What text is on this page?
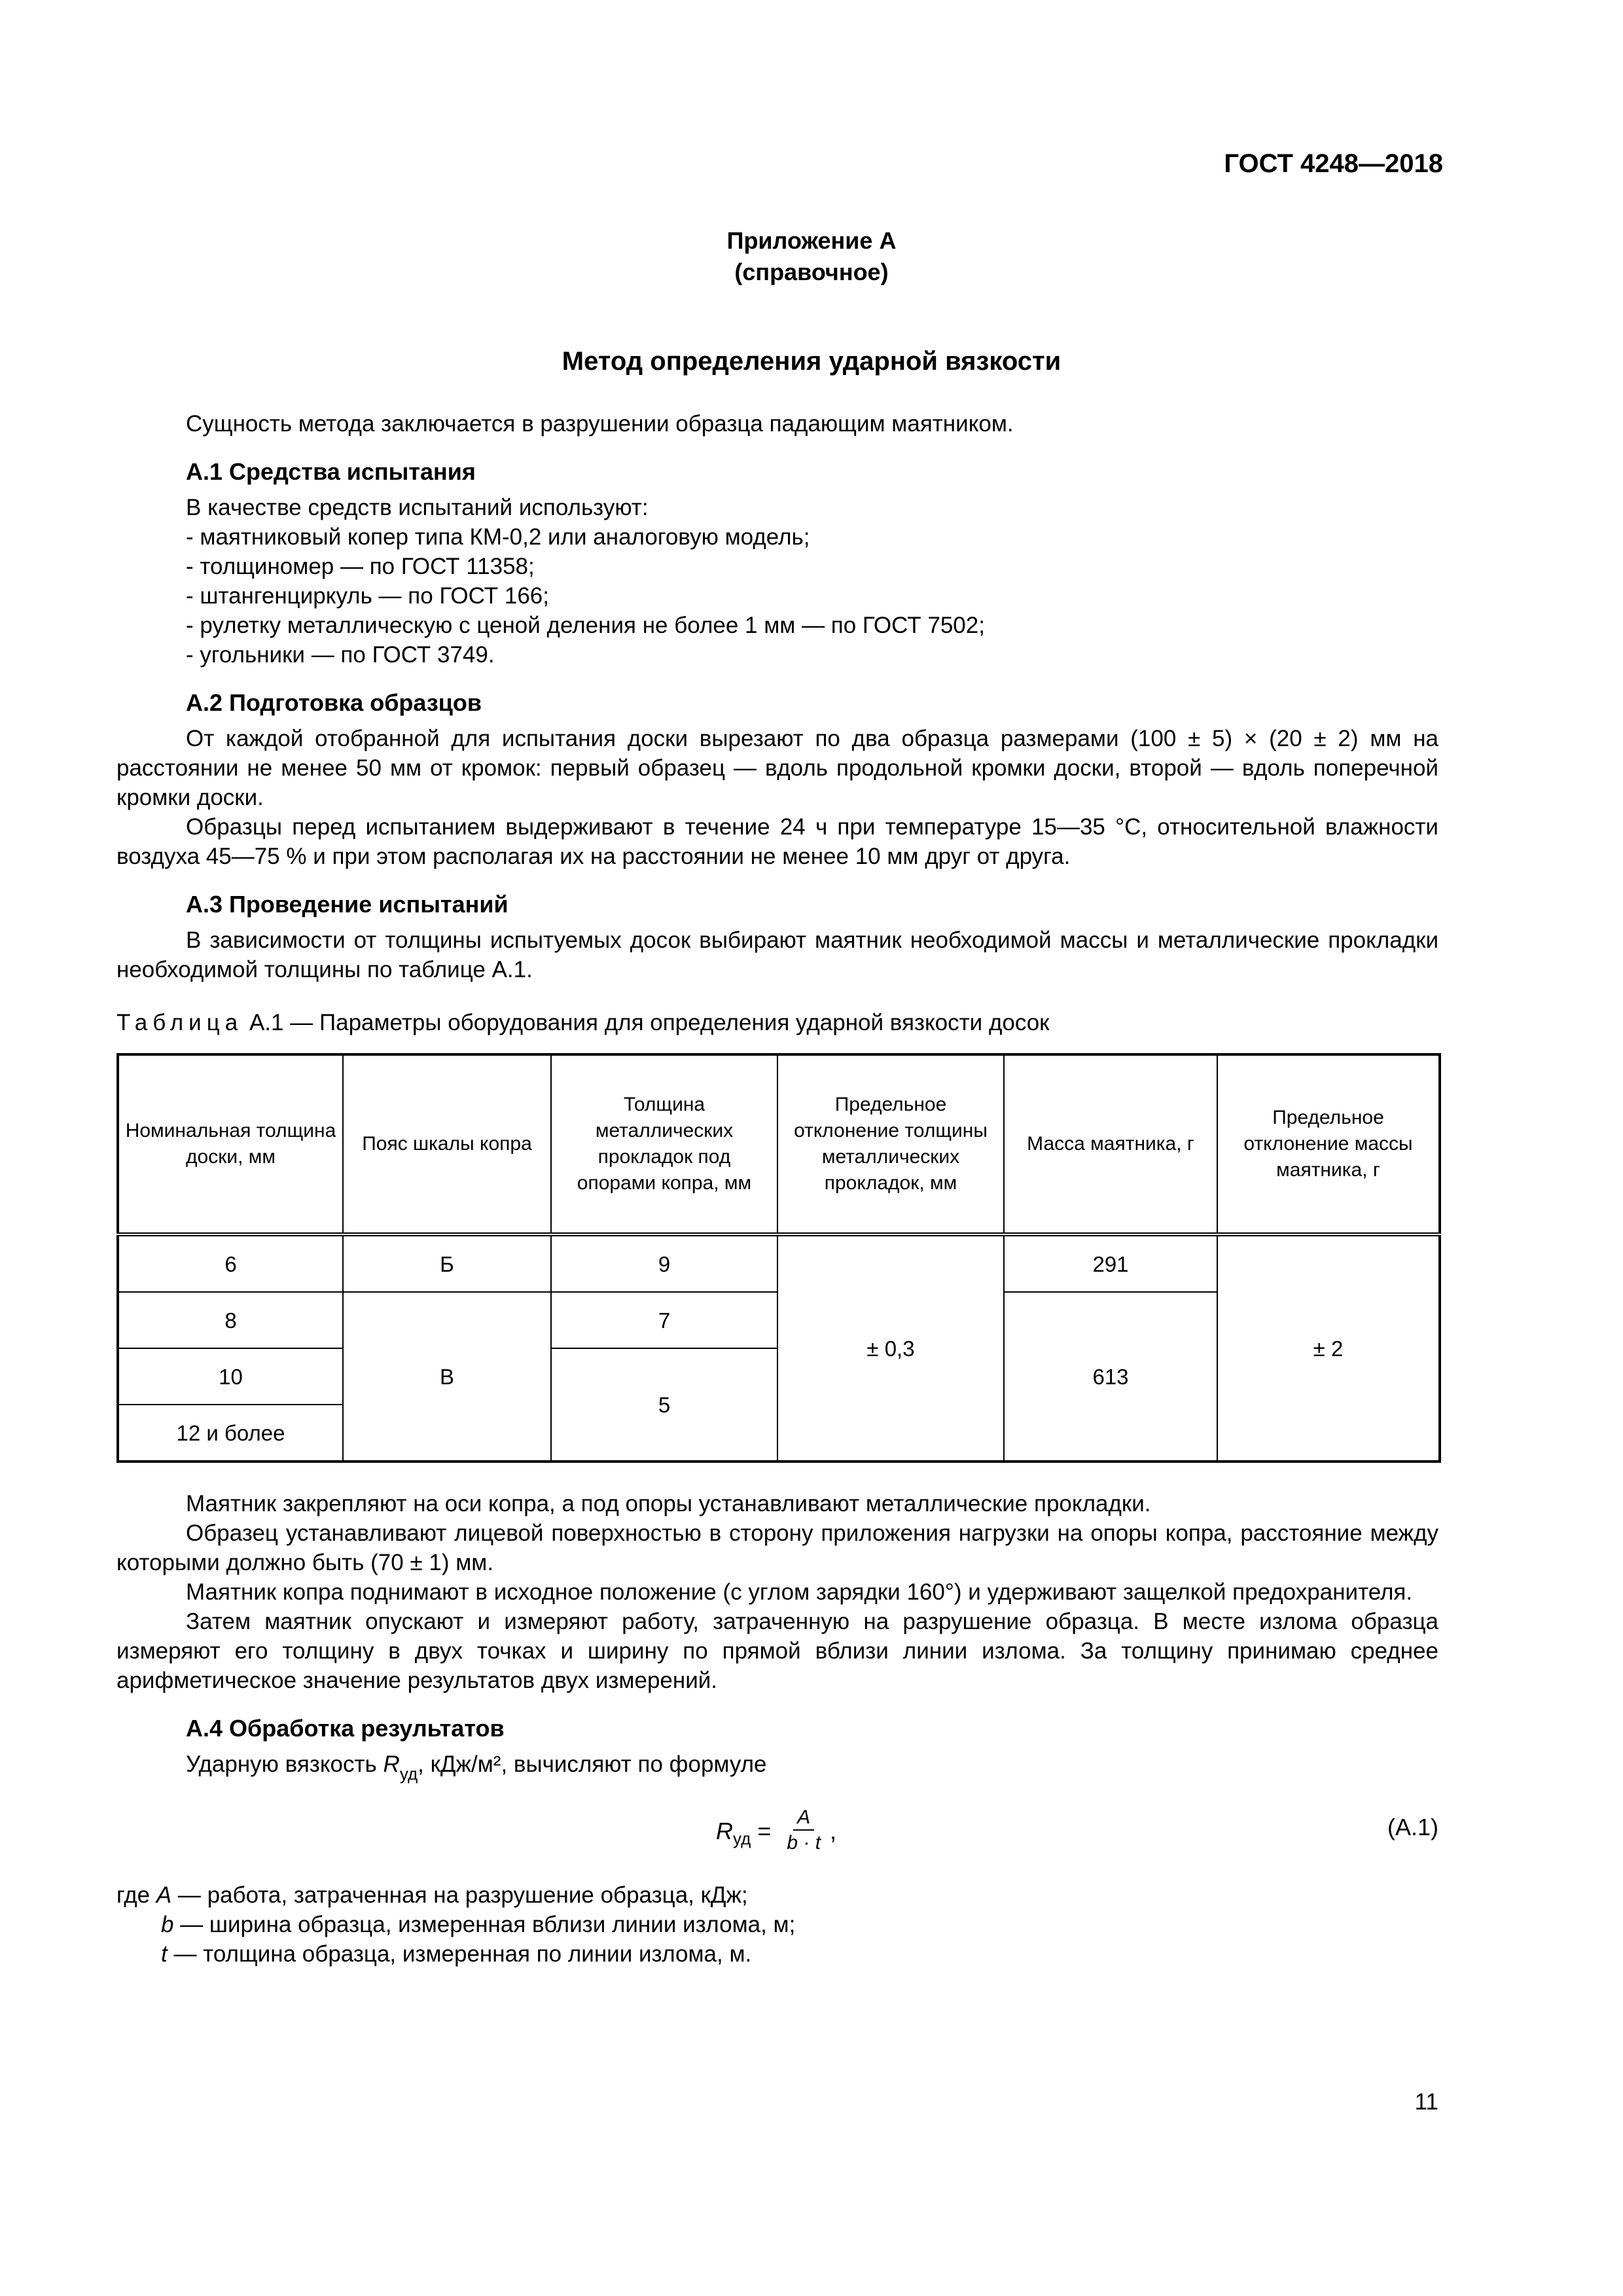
ГОСТ 4248—2018
Приложение А
(справочное)
Метод определения ударной вязкости

Сущность метода заключается в разрушении образца падающим маятником.

А.1 Средства испытания

В качестве средств испытаний используют:

- маятниковый копер типа КМ-0,2 или аналоговую модель;

- толщиномер — по ГОСТ 11358;

- штангенциркуль — по ГОСТ 166;

- рулетку металлическую с ценой деления не более 1 мм — по ГОСТ 7502;

- угольники — по ГОСТ 3749.

А.2 Подготовка образцов

От каждой отобранной для испытания доски вырезают по два образца размерами (100 ± 5) × (20 ± 2) мм на расстоянии не менее 50 мм от кромок: первый образец — вдоль продольной кромки доски, второй — вдоль поперечной кромки доски.

Образцы перед испытанием выдерживают в течение 24 ч при температуре 15—35 °С, относительной влажности воздуха 45—75 % и при этом располагая их на расстоянии не менее 10 мм друг от друга.

А.3 Проведение испытаний

В зависимости от толщины испытуемых досок выбирают маятник необходимой массы и металлические прокладки необходимой толщины по таблице А.1.

Таблица А.1 — Параметры оборудования для определения ударной вязкости досок

Номинальная толщина доски, мм	Пояс шкалы копра	Толщина металлических прокладок под опорами копра, мм	Предельное отклонение толщины металлических прокладок, мм	Масса маятника, г	Предельное отклонение массы маятника, г
6	Б	9	± 0,3	291	± 2
8	В	7		613	
10		5			
12 и более					

Маятник закрепляют на оси копра, а под опоры устанавливают металлические прокладки.

Образец устанавливают лицевой поверхностью в сторону приложения нагрузки на опоры копра, расстояние между которыми должно быть (70 ± 1) мм.

Маятник копра поднимают в исходное положение (с углом зарядки 160°) и удерживают защелкой предохранителя.

Затем маятник опускают и измеряют работу, затраченную на разрушение образца. В месте излома образца измеряют его толщину в двух точках и ширину по прямой вблизи линии излома. За толщину принимаю среднее арифметическое значение результатов двух измерений.

А.4 Обработка результатов

Ударную вязкость $R_{уд}$, кДж/м², вычисляют по формуле

R уд = $\frac{A}{b \cdot t}$ ,	(А.1)

где A — работа, затраченная на разрушение образца, кДж;

b — ширина образца, измеренная вблизи линии излома, м;

t — толщина образца, измеренная по линии излома, м.

11
